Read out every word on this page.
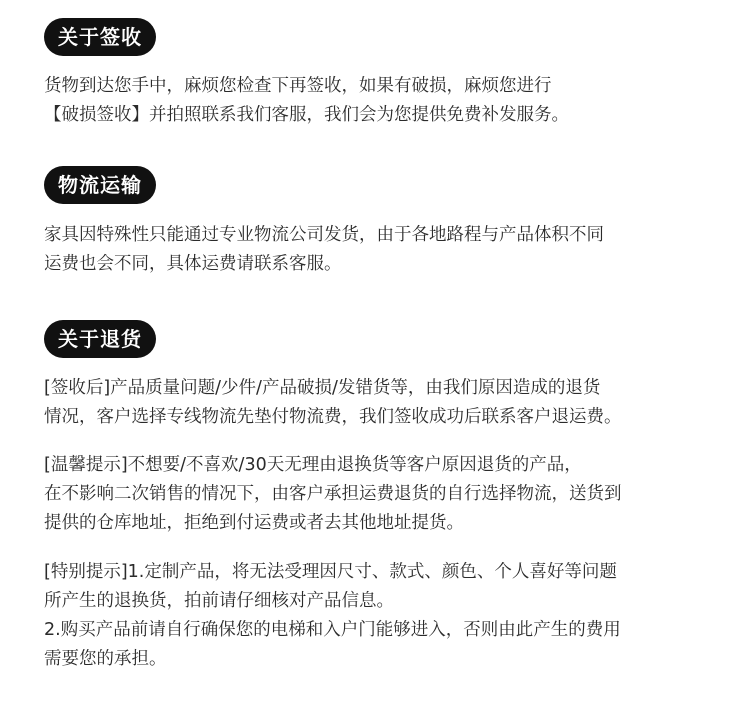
关于签收

货物到达您手中，麻烦您检查下再签收，如果有破损，麻烦您进行
【破损签收】并拍照联系我们客服，我们会为您提供免费补发服务。

物流运输

家具因特殊性只能通过专业物流公司发货，由于各地路程与产品体积不同
运费也会不同，具体运费请联系客服。

关于退货

[签收后]产品质量问题/少件/产品破损/发错货等，由我们原因造成的退货
情况，客户选择专线物流先垫付物流费，我们签收成功后联系客户退运费。

[温馨提示]不想要/不喜欢/30天无理由退换货等客户原因退货的产品，
在不影响二次销售的情况下，由客户承担运费退货的自行选择物流，送货到
提供的仓库地址，拒绝到付运费或者去其他地址提货。

[特别提示]1.定制产品，将无法受理因尺寸、款式、颜色、个人喜好等问题
所产生的退换货，拍前请仔细核对产品信息。
2.购买产品前请自行确保您的电梯和入户门能够进入，否则由此产生的费用
需要您的承担。
